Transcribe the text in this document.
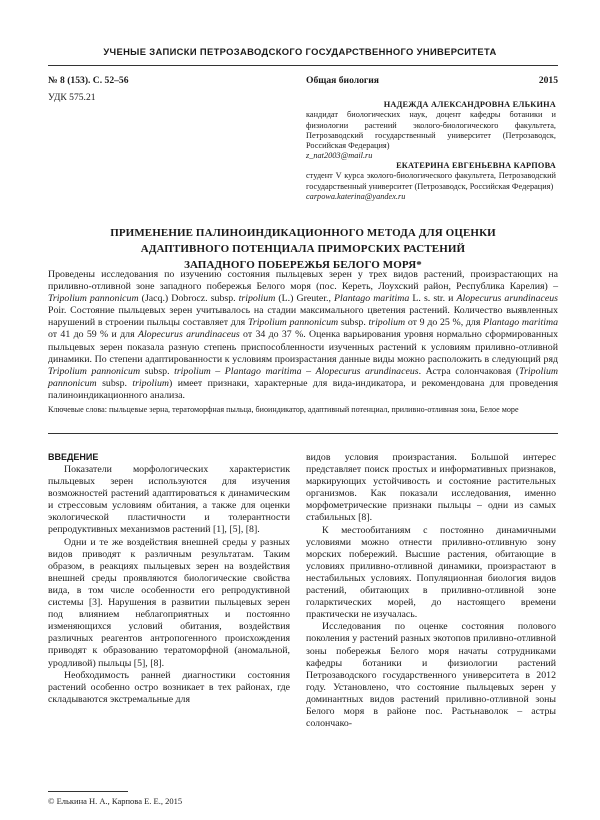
УЧЕНЫЕ ЗАПИСКИ ПЕТРОЗАВОДСКОГО ГОСУДАРСТВЕННОГО УНИВЕРСИТЕТА
№ 8 (153). С. 52–56	Общая биология	2015
УДК 575.21
НАДЕЖДА АЛЕКСАНДРОВНА ЕЛЬКИНА
кандидат биологических наук, доцент кафедры ботаники и физиологии растений эколого-биологического факультета, Петрозаводский государственный университет (Петрозаводск, Российская Федерация)
z_nat2003@mail.ru
ЕКАТЕРИНА ЕВГЕНЬЕВНА КАРПОВА
студент V курса эколого-биологического факультета, Петрозаводский государственный университет (Петрозаводск, Российская Федерация)
carpowa.katerina@yandex.ru
ПРИМЕНЕНИЕ ПАЛИНОИНДИКАЦИОННОГО МЕТОДА ДЛЯ ОЦЕНКИ
АДАПТИВНОГО ПОТЕНЦИАЛА ПРИМОРСКИХ РАСТЕНИЙ
ЗАПАДНОГО ПОБЕРЕЖЬЯ БЕЛОГО МОРЯ*
Проведены исследования по изучению состояния пыльцевых зерен у трех видов растений, произрастающих на приливно-отливной зоне западного побережья Белого моря (пос. Кереть, Лоухский район, Республика Карелия) – Tripolium pannonicum (Jacq.) Dobrocz. subsp. tripolium (L.) Greuter., Plantago maritima L. s. str. и Alopecurus arundinaceus Poir. Состояние пыльцевых зерен учитывалось на стадии максимального цветения растений. Количество выявленных нарушений в строении пыльцы составляет для Tripolium pannonicum subsp. tripolium от 9 до 25 %, для Plantago maritima от 41 до 59 % и для Alopecurus arundinaceus от 34 до 37 %. Оценка варьирования уровня нормально сформированных пыльцевых зерен показала разную степень приспособленности изученных растений к условиям приливно-отливной динамики. По степени адаптированности к условиям произрастания данные виды можно расположить в следующий ряд Tripolium pannonicum subsp. tripolium – Plantago maritima – Alopecurus arundinaceus. Астра солончаковая (Tripolium pannonicum subsp. tripolium) имеет признаки, характерные для вида-индикатора, и рекомендована для проведения палиноиндикационного анализа.
Ключевые слова: пыльцевые зерна, тератоморфная пыльца, биоиндикатор, адаптивный потенциал, приливно-отливная зона, Белое море
ВВЕДЕНИЕ

Показатели морфологических характеристик пыльцевых зерен используются для изучения возможностей растений адаптироваться к динамическим и стрессовым условиям обитания, а также для оценки экологической пластичности и толерантности репродуктивных механизмов растений [1], [5], [8].

Одни и те же воздействия внешней среды у разных видов приводят к различным результатам. Таким образом, в реакциях пыльцевых зерен на воздействия внешней среды проявляются биологические свойства вида, в том числе особенности его репродуктивной системы [3]. Нарушения в развитии пыльцевых зерен под влиянием неблагоприятных и постоянно изменяющихся условий обитания, воздействия различных реагентов антропогенного происхождения приводят к образованию тератоморфной (аномальной, уродливой) пыльцы [5], [8].

Необходимость ранней диагностики состояния растений особенно остро возникает в тех районах, где складываются экстремальные для

видов условия произрастания. Большой интерес представляет поиск простых и информативных признаков, маркирующих устойчивость и состояние растительных организмов. Как показали исследования, именно морфометрические признаки пыльцы – одни из самых стабильных [8].

К местообитаниям с постоянно динамичными условиями можно отнести приливно-отливную зону морских побережий. Высшие растения, обитающие в условиях приливно-отливной динамики, произрастают в нестабильных условиях. Популяционная биология видов растений, обитающих в приливно-отливной зоне голарктических морей, до настоящего времени практически не изучалась.

Исследования по оценке состояния полового поколения у растений разных экотопов приливно-отливной зоны побережья Белого моря начаты сотрудниками кафедры ботаники и физиологии растений Петрозаводского государственного университета в 2012 году. Установлено, что состояние пыльцевых зерен у доминантных видов растений приливно-отливной зоны Белого моря в районе пос. Растьнаволок – астры солончако-

© Елькина Н. А., Карпова Е. Е., 2015
